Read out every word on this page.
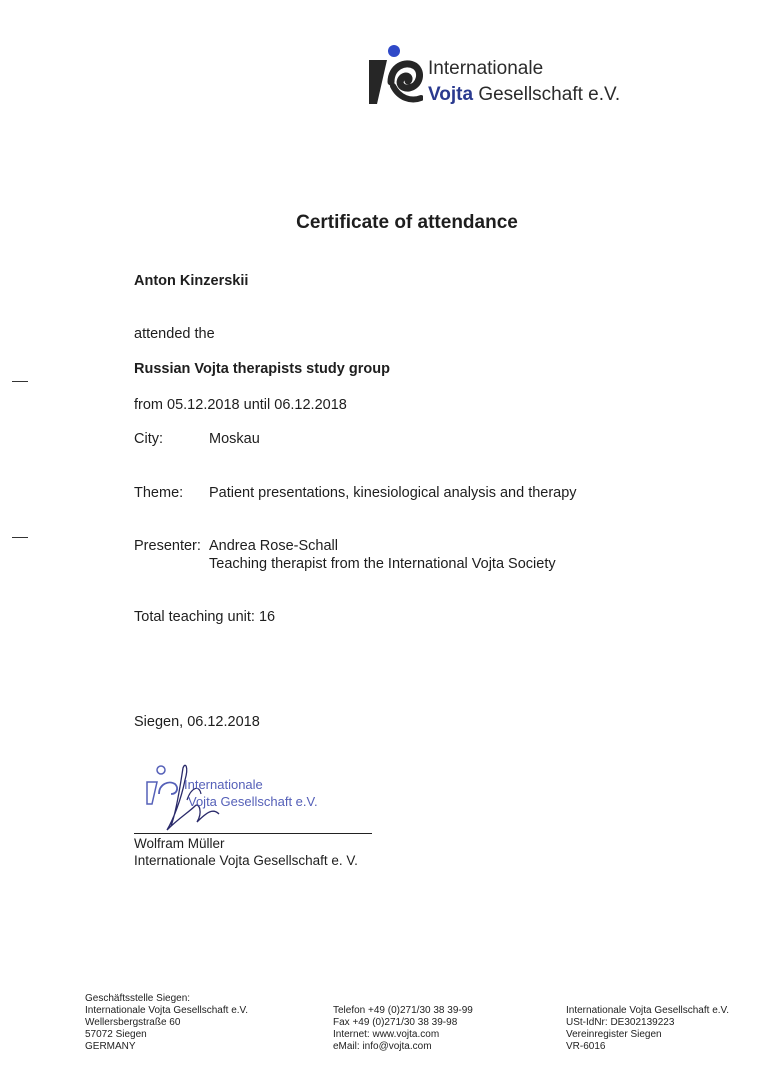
Internationale
Vojta Gesellschaft e.V.
Certificate of attendance
Anton Kinzerskii
attended the
Russian Vojta therapists study group
from 05.12.2018 until 06.12.2018
City:	Moskau
Theme: Patient presentations, kinesiological analysis and therapy
Presenter: Andrea Rose-Schall
Teaching therapist from the International Vojta Society
Total teaching unit: 16
Siegen, 06.12.2018
Internationale
Vojta Gesellschaft e.V.
Wolfram Müller
Internationale Vojta Gesellschaft e. V.
Geschäftsstelle Siegen:
Internationale Vojta Gesellschaft e.V.
Wellersbergstraße 60
57072 Siegen
GERMANY
Telefon +49 (0)271/30 38 39-99
Fax +49 (0)271/30 38 39-98
Internet: www.vojta.com
eMail: info@vojta.com
Internationale Vojta Gesellschaft e.V.
USt-IdNr: DE302139223
Vereinregister Siegen
VR-6016
